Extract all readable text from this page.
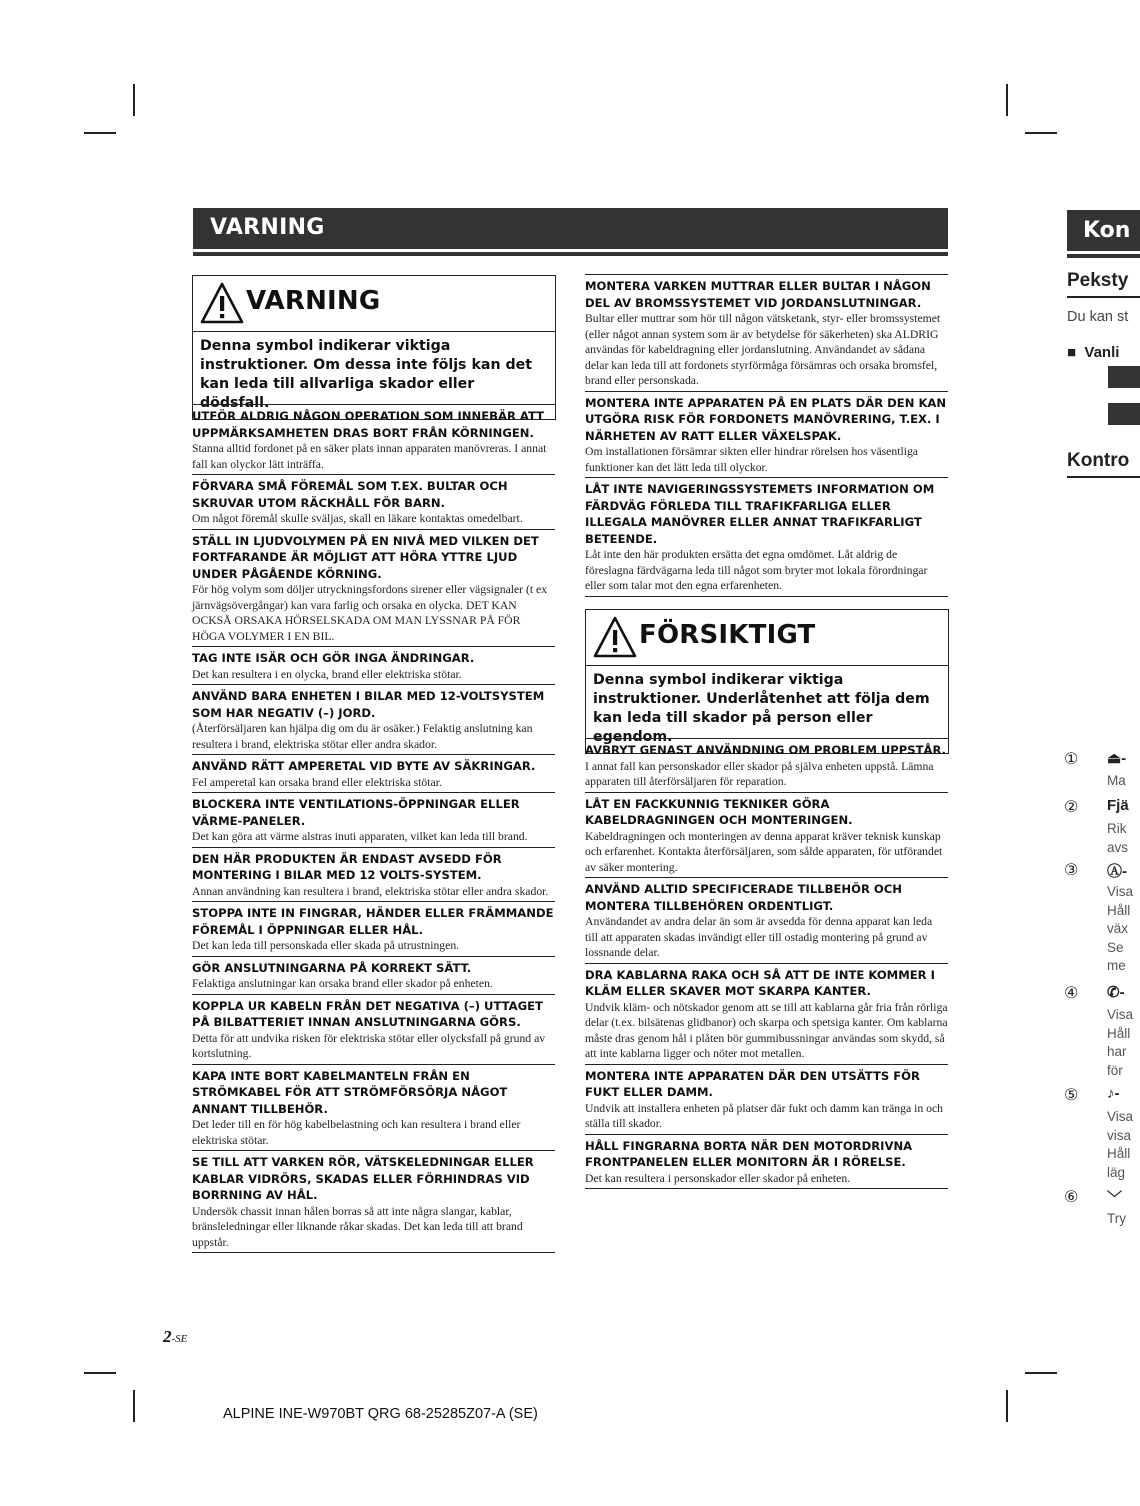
VARNING
VARNING
Denna symbol indikerar viktiga instruktioner. Om dessa inte följs kan det kan leda till allvarliga skador eller dödsfall.
UTFÖR ALDRIG NÅGON OPERATION SOM INNEBÄR ATT UPPMÄRKSAMHETEN DRAS BORT FRÅN KÖRNINGEN.
Stanna alltid fordonet på en säker plats innan apparaten manövreras. I annat fall kan olyckor lätt inträffa.
FÖRVARA SMÅ FÖREMÅL SOM T.EX. BULTAR OCH SKRUVAR UTOM RÄCKHÅLL FÖR BARN.
Om något föremål skulle sväljas, skall en läkare kontaktas omedelbart.
STÄLL IN LJUDVOLYMEN PÅ EN NIVÅ MED VILKEN DET FORTFARANDE ÄR MÖJLIGT ATT HÖRA YTTRE LJUD UNDER PÅGÅENDE KÖRNING.
För hög volym som döljer utryckningsfordons sirener eller vägsignaler (t ex järnvägsövergångar) kan vara farlig och orsaka en olycka. DET KAN OCKSÅ ORSAKA HÖRSELSKADA OM MAN LYSSNAR PÅ FÖR HÖGA VOLYMER I EN BIL.
TAG INTE ISÄR OCH GÖR INGA ÄNDRINGAR.
Det kan resultera i en olycka, brand eller elektriska stötar.
ANVÄND BARA ENHETEN I BILAR MED 12-VOLTSYSTEM SOM HAR NEGATIV (–) JORD.
(Återförsäljaren kan hjälpa dig om du är osäker.) Felaktig anslutning kan resultera i brand, elektriska stötar eller andra skador.
ANVÄND RÄTT AMPERETAL VID BYTE AV SÄKRINGAR.
Fel amperetal kan orsaka brand eller elektriska stötar.
BLOCKERA INTE VENTILATIONS-ÖPPNINGAR ELLER VÄRME-PANELER.
Det kan göra att värme alstras inuti apparaten, vilket kan leda till brand.
DEN HÄR PRODUKTEN ÄR ENDAST AVSEDD FÖR MONTERING I BILAR MED 12 VOLTS-SYSTEM.
Annan användning kan resultera i brand, elektriska stötar eller andra skador.
STOPPA INTE IN FINGRAR, HÄNDER ELLER FRÄMMANDE FÖREMÅL I ÖPPNINGAR ELLER HÅL.
Det kan leda till personskada eller skada på utrustningen.
GÖR ANSLUTNINGARNA PÅ KORREKT SÄTT.
Felaktiga anslutningar kan orsaka brand eller skador på enheten.
KOPPLA UR KABELN FRÅN DET NEGATIVA (–) UTTAGET PÅ BILBATTERIET INNAN ANSLUTNINGARNA GÖRS.
Detta för att undvika risken för elektriska stötar eller olycksfall på grund av kortslutning.
KAPA INTE BORT KABELMANTELN FRÅN EN STRÖMKABEL FÖR ATT STRÖMFÖRSÖRJA NÅGOT ANNANT TILLBEHÖR.
Det leder till en för hög kabelbelastning och kan resultera i brand eller elektriska stötar.
SE TILL ATT VARKEN RÖR, VÄTSKELEDNINGAR ELLER KABLAR VIDRÖRS, SKADAS ELLER FÖRHINDRAS VID BORRNING AV HÅL.
Undersök chassit innan hålen borras så att inte några slangar, kablar, bränsleledningar eller liknande råkar skadas. Det kan leda till att brand uppstår.
MONTERA VARKEN MUTTRAR ELLER BULTAR I NÅGON DEL AV BROMSSYSTEMET VID JORDANSLUTNINGAR.
Bultar eller muttrar som hör till någon vätsketank, styr- eller bromssystemet (eller något annan system som är av betydelse för säkerheten) ska ALDRIG användas för kabeldragning eller jordanslutning. Användandet av sådana delar kan leda till att fordonets styrförmåga försämras och orsaka bromsfel, brand eller personskada.
MONTERA INTE APPARATEN PÅ EN PLATS DÄR DEN KAN UTGÖRA RISK FÖR FORDONETS MANÖVRERING, T.EX. I NÄRHETEN AV RATT ELLER VÄXELSPAK.
Om installationen försämrar sikten eller hindrar rörelsen hos väsentliga funktioner kan det lätt leda till olyckor.
LÅT INTE NAVIGERINGSSYSTEMETS INFORMATION OM FÄRDVÄG FÖRLEDA TILL TRAFIKFARLIGA ELLER ILLEGALA MANÖVRER ELLER ANNAT TRAFIKFARLIGT BETEENDE.
Låt inte den här produkten ersätta det egna omdömet. Låt aldrig de föreslagna färdvägarna leda till något som bryter mot lokala förordningar eller som talar mot den egna erfarenheten.
FÖRSIKTIGT
Denna symbol indikerar viktiga instruktioner. Underlåtenhet att följa dem kan leda till skador på person eller egendom.
AVBRYT GENAST ANVÄNDNING OM PROBLEM UPPSTÅR.
I annat fall kan personskador eller skador på själva enheten uppstå. Lämna apparaten till återförsäljaren för reparation.
LÅT EN FACKKUNNIG TEKNIKER GÖRA KABELDRAGNINGEN OCH MONTERINGEN.
Kabeldragningen och monteringen av denna apparat kräver teknisk kunskap och erfarenhet. Kontakta återförsäljaren, som sålde apparaten, för utförandet av säker montering.
ANVÄND ALLTID SPECIFICERADE TILLBEHÖR OCH MONTERA TILLBEHÖREN ORDENTLIGT.
Användandet av andra delar än som är avsedda för denna apparat kan leda till att apparaten skadas invändigt eller till ostadig montering på grund av lossnande delar.
DRA KABLARNA RAKA OCH SÅ ATT DE INTE KOMMER I KLÄM ELLER SKAVER MOT SKARPA KANTER.
Undvik kläm- och nötskador genom att se till att kablarna går fria från rörliga delar (t.ex. bilsätenas glidbanor) och skarpa och spetsiga kanter. Om kablarna måste dras genom hål i plåten bör gummibussningar användas som skydd, så att inte kablarna ligger och nöter mot metallen.
MONTERA INTE APPARATEN DÄR DEN UTSÄTTS FÖR FUKT ELLER DAMM.
Undvik att installera enheten på platser där fukt och damm kan tränga in och ställa till skador.
HÅLL FINGRARNA BORTA NÄR DEN MOTORDRIVNA FRONTPANELEN ELLER MONITORN ÄR I RÖRELSE.
Det kan resultera i personskador eller skador på enheten.
2-SE
ALPINE INE-W970BT QRG 68-25285Z07-A (SE)
Kon
Peksty
Du kan st
■  Vanli
Kontro
① ⏏-
Ma
② Fjä
Rik
avs
③ Ⓐ-
Visa
Håll
väx
Se
me
④ ✆-
Visa
Håll
har
för
⑤ ♪-
Visa
visa
Håll
läg
⑥ ﹀
Try
